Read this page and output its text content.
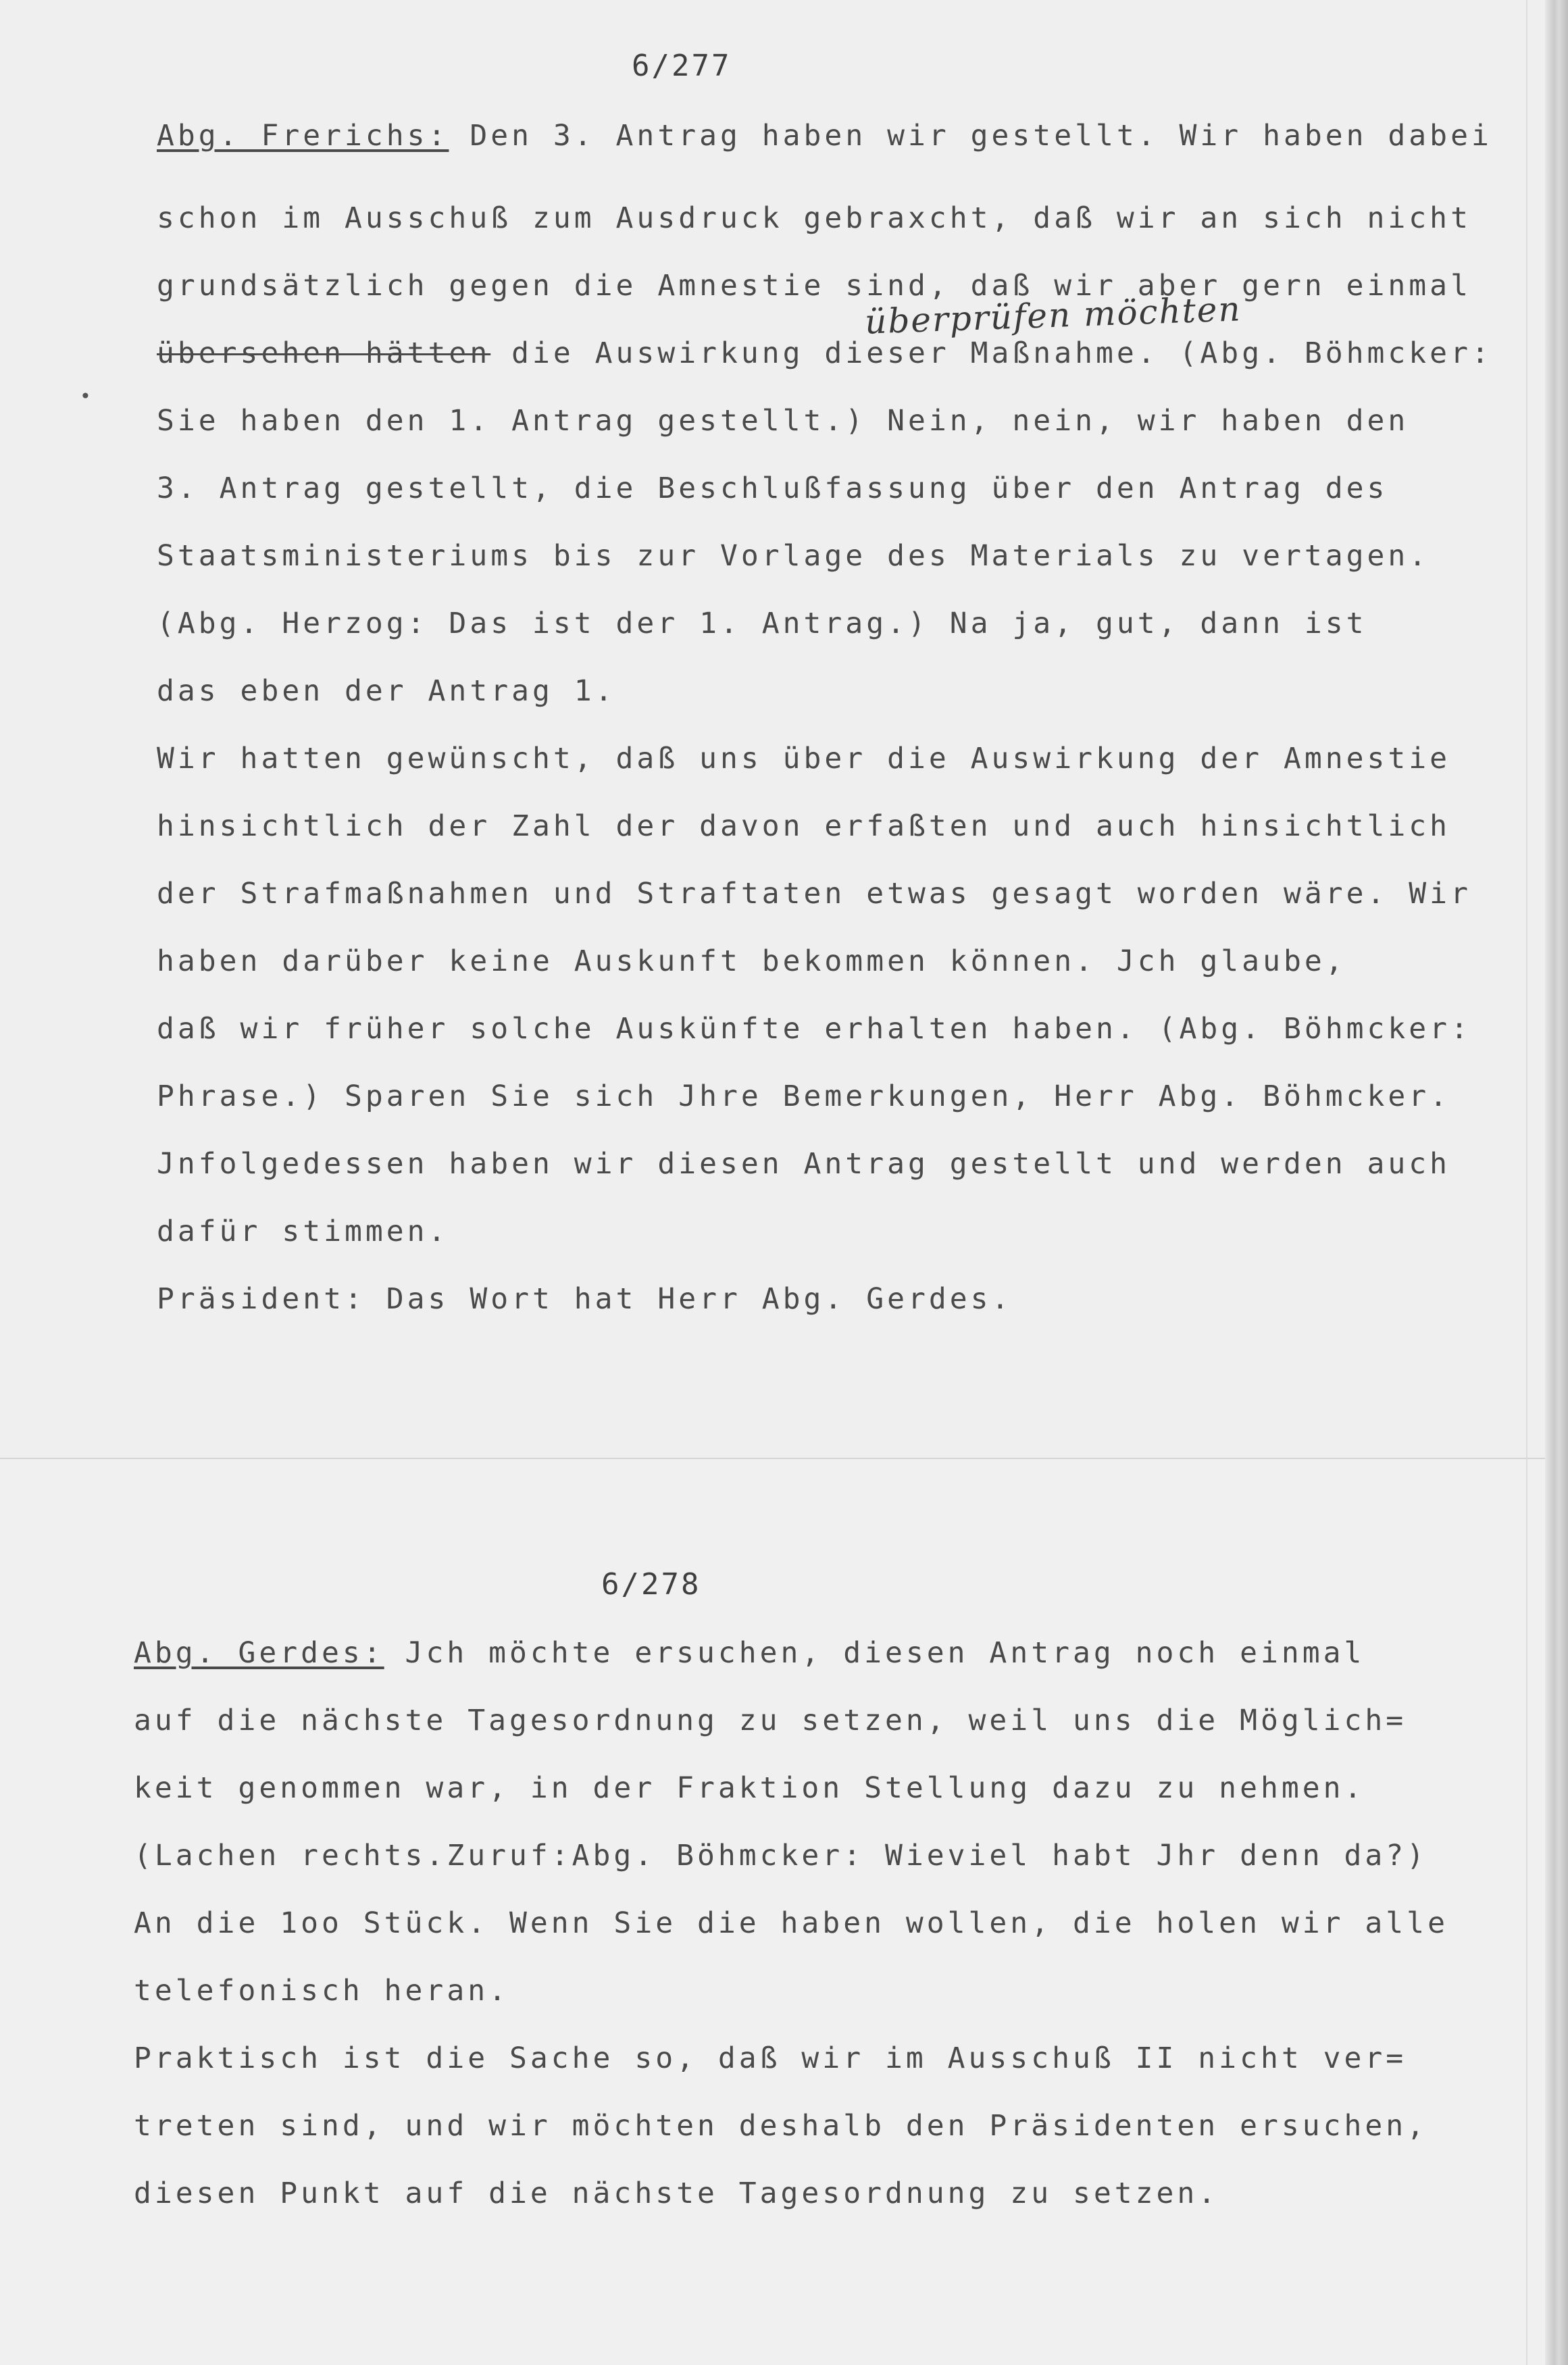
6/277
Abg. Frerichs: Den 3. Antrag haben wir gestellt. Wir haben dabei
schon im Ausschuß zum Ausdruck gebraxcht, daß wir an sich nicht
grundsätzlich gegen die Amnestie sind, daß wir aber gern einmal
überprüfen möchten
übersehen hätten die Auswirkung dieser Maßnahme. (Abg. Böhmcker:
•
Sie haben den 1. Antrag gestellt.) Nein, nein, wir haben den
3. Antrag gestellt, die Beschlußfassung über den Antrag des
Staatsministeriums bis zur Vorlage des Materials zu vertagen.
(Abg. Herzog: Das ist der 1. Antrag.) Na ja, gut, dann ist
das eben der Antrag 1.
Wir hatten gewünscht, daß uns über die Auswirkung der Amnestie
hinsichtlich der Zahl der davon erfaßten und auch hinsichtlich
der Strafmaßnahmen und Straftaten etwas gesagt worden wäre. Wir
haben darüber keine Auskunft bekommen können. Jch glaube,
daß wir früher solche Auskünfte erhalten haben. (Abg. Böhmcker:
Phrase.) Sparen Sie sich Jhre Bemerkungen, Herr Abg. Böhmcker.
Jnfolgedessen haben wir diesen Antrag gestellt und werden auch
dafür stimmen.
Präsident: Das Wort hat Herr Abg. Gerdes.
6/278
Abg. Gerdes: Jch möchte ersuchen, diesen Antrag noch einmal
auf die nächste Tagesordnung zu setzen, weil uns die Möglich=
keit genommen war, in der Fraktion Stellung dazu zu nehmen.
(Lachen rechts.Zuruf:Abg. Böhmcker: Wieviel habt Jhr denn da?)
An die 1oo Stück. Wenn Sie die haben wollen, die holen wir alle
telefonisch heran.
Praktisch ist die Sache so, daß wir im Ausschuß II nicht ver=
treten sind, und wir möchten deshalb den Präsidenten ersuchen,
diesen Punkt auf die nächste Tagesordnung zu setzen.
